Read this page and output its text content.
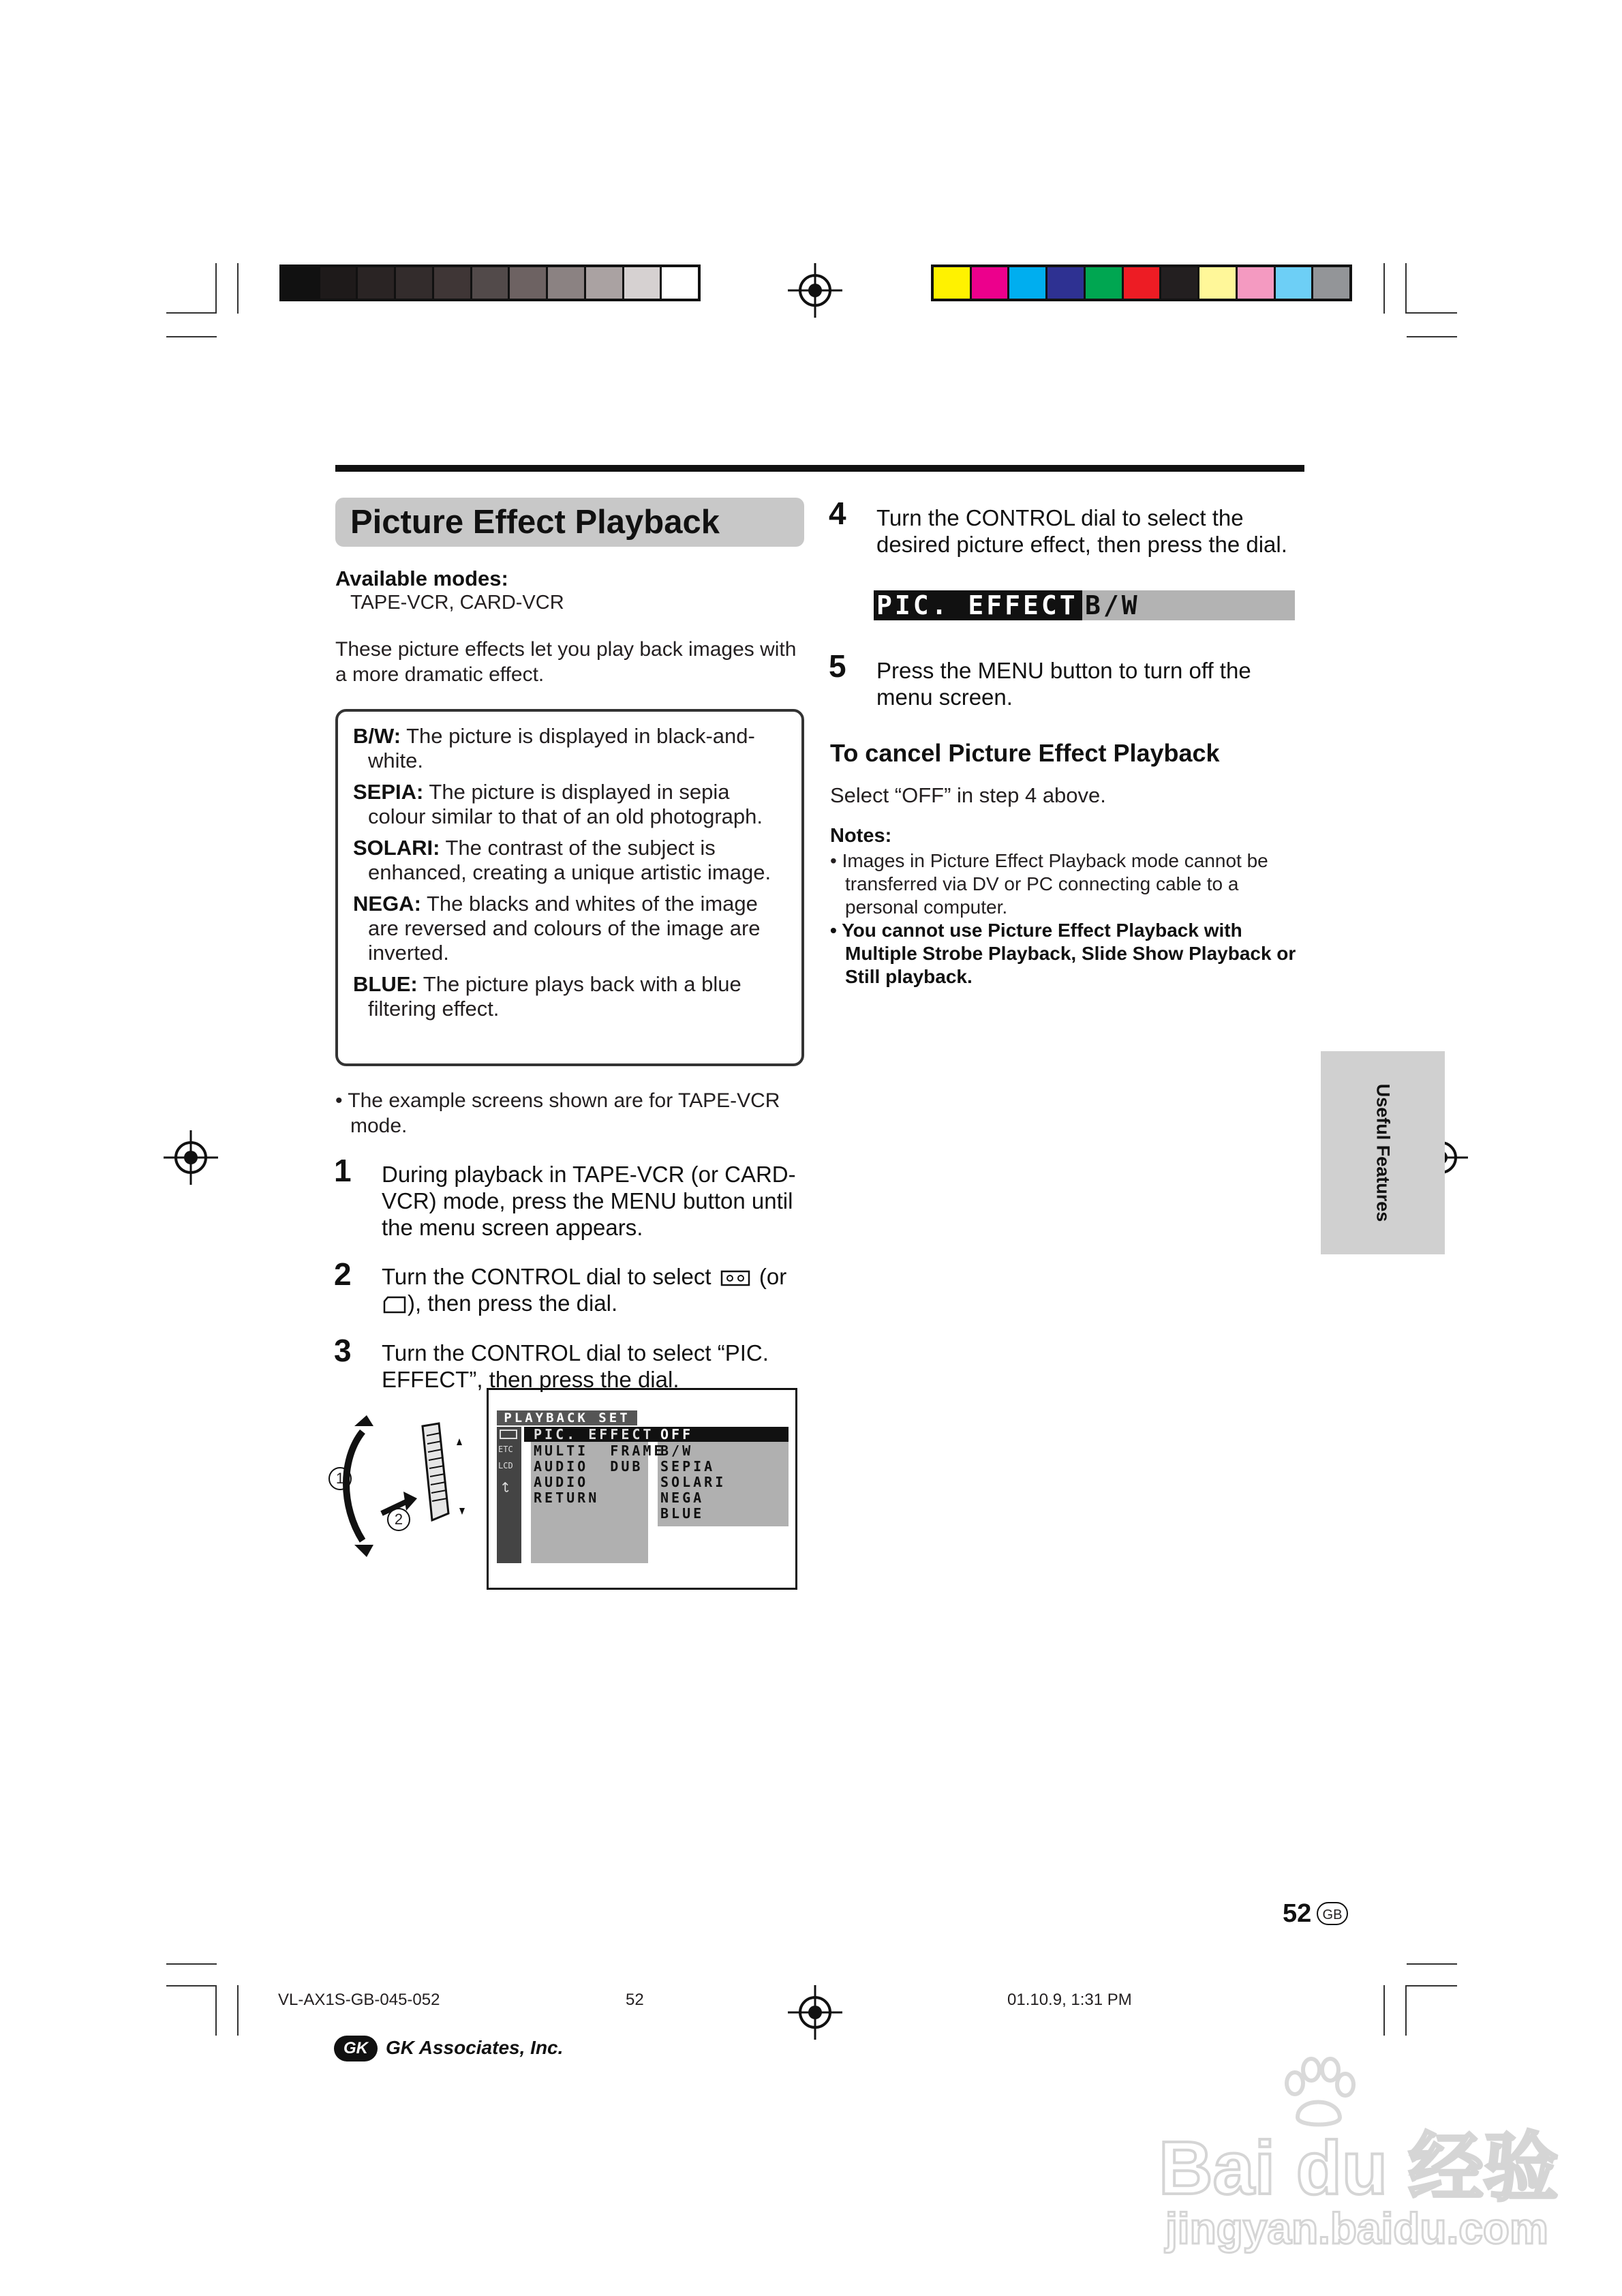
Picture Effect Playback
Available modes:
TAPE-VCR, CARD-VCR
These picture effects let you play back images with a more dramatic effect.
B/W: The picture is displayed in black-and-white.
SEPIA: The picture is displayed in sepia colour similar to that of an old photograph.
SOLARI: The contrast of the subject is enhanced, creating a unique artistic image.
NEGA: The blacks and whites of the image are reversed and colours of the image are inverted.
BLUE: The picture plays back with a blue filtering effect.
• The example screens shown are for TAPE-VCR mode.
1 During playback in TAPE-VCR (or CARD-VCR) mode, press the MENU button until the menu screen appears.
2 Turn the CONTROL dial to select (or
), then press the dial.
3 Turn the CONTROL dial to select “PIC. EFFECT”, then press the dial.
1
2
PLAYBACK SET
ETC
LCD
↩
PIC. EFFECT
MULTI  FRAME
AUDIO  DUB
AUDIO
RETURN
OFF
B/W
SEPIA
SOLARI
NEGA
BLUE
4 Turn the CONTROL dial to select the desired picture effect, then press the dial.
PIC. EFFECT B/W
5 Press the MENU button to turn off the menu screen.
To cancel Picture Effect Playback
Select “OFF” in step 4 above.
Notes:
• Images in Picture Effect Playback mode cannot be transferred via DV or PC connecting cable to a personal computer.
• You cannot use Picture Effect Playback with Multiple Strobe Playback, Slide Show Playback or Still playback.
Useful Features
52 GB
VL-AX1S-GB-045-052	52	01.10.9, 1:31 PM
GK GK Associates, Inc.
Bai du 经验
jingyan.baidu.com
